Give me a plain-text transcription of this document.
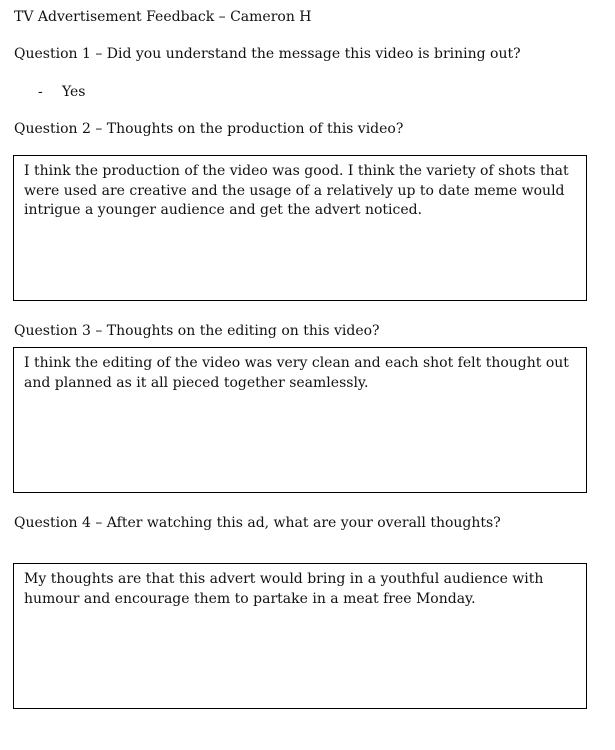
TV Advertisement Feedback – Cameron H
Question 1 – Did you understand the message this video is brining out?
- Yes
Question 2 – Thoughts on the production of this video?

I think the production of the video was good. I think the variety of shots that were used are creative and the usage of a relatively up to date meme would intrigue a younger audience and get the advert noticed.

Question 3 – Thoughts on the editing on this video?

I think the editing of the video was very clean and each shot felt thought out and planned as it all pieced together seamlessly.

Question 4 – After watching this ad, what are your overall thoughts?

My thoughts are that this advert would bring in a youthful audience with humour and encourage them to partake in a meat free Monday.
